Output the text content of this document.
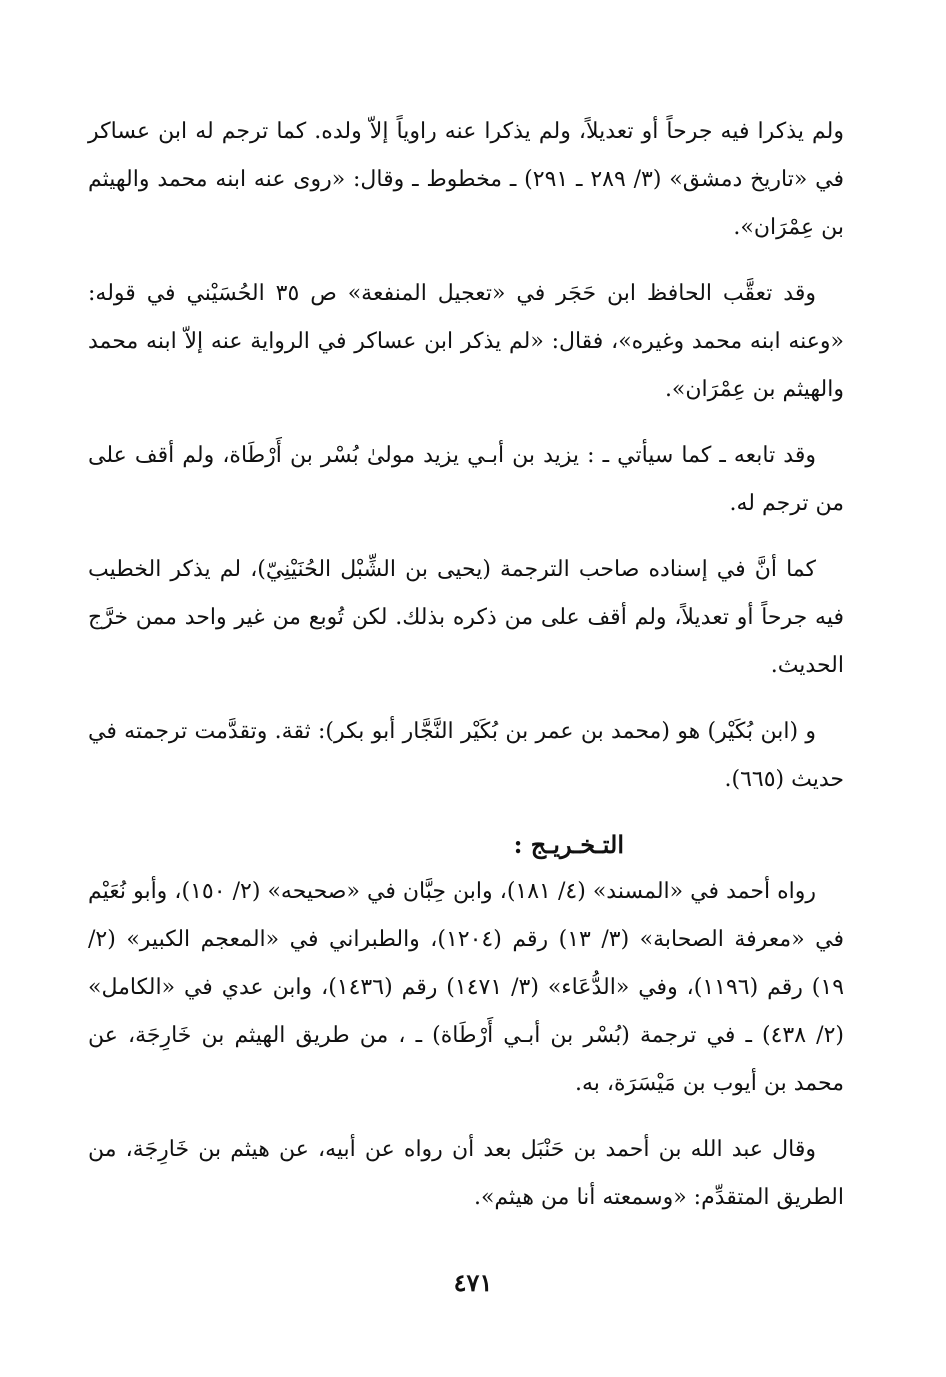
ولم يذكرا فيه جرحاً أو تعديلاً، ولم يذكرا عنه راوياً إلاّ ولده. كما ترجم له ابن عساكر في «تاريخ دمشق» (٣/ ٢٨٩ ـ ٢٩١) ـ مخطوط ـ وقال: «روى عنه ابنه محمد والهيثم بن عِمْرَان».

وقد تعقَّب الحافظ ابن حَجَر في «تعجيل المنفعة» ص ٣٥ الحُسَيْني في قوله: «وعنه ابنه محمد وغيره»، فقال: «لم يذكر ابن عساكر في الرواية عنه إلاّ ابنه محمد والهيثم بن عِمْرَان».

وقد تابعه ـ كما سيأتي ـ : يزيد بن أبـي يزيد مولىٰ بُسْر بن أَرْطَاة، ولم أقف على من ترجم له.

كما أنَّ في إسناده صاحب الترجمة (يحيى بن الشِّبْل الحُنَيْنِيّ)، لم يذكر الخطيب فيه جرحاً أو تعديلاً، ولم أقف على من ذكره بذلك. لكن تُوبع من غير واحد ممن خرَّج الحديث.

و (ابن بُكَيْر) هو (محمد بن عمر بن بُكَيْر النَّجَّار أبو بكر): ثقة. وتقدَّمت ترجمته في حديث (٦٦٥).

التـخـريـج :

رواه أحمد في «المسند» (٤/ ١٨١)، وابن حِبَّان في «صحيحه» (٢/ ١٥٠)، وأبو نُعَيْم في «معرفة الصحابة» (٣/ ١٣) رقم (١٢٠٤)، والطبراني في «المعجم الكبير» (٢/ ١٩) رقم (١١٩٦)، وفي «الدُّعَاء» (٣/ ١٤٧١) رقم (١٤٣٦)، وابن عدي في «الكامل» (٢/ ٤٣٨) ـ في ترجمة (بُسْر بن أبـي أَرْطَاة) ـ ، من طريق الهيثم بن خَارِجَة، عن محمد بن أيوب بن مَيْسَرَة، به.

وقال عبد الله بن أحمد بن حَنْبَل بعد أن رواه عن أبيه، عن هيثم بن خَارِجَة، من الطريق المتقدِّم: «وسمعته أنا من هيثم».

٤٧١
